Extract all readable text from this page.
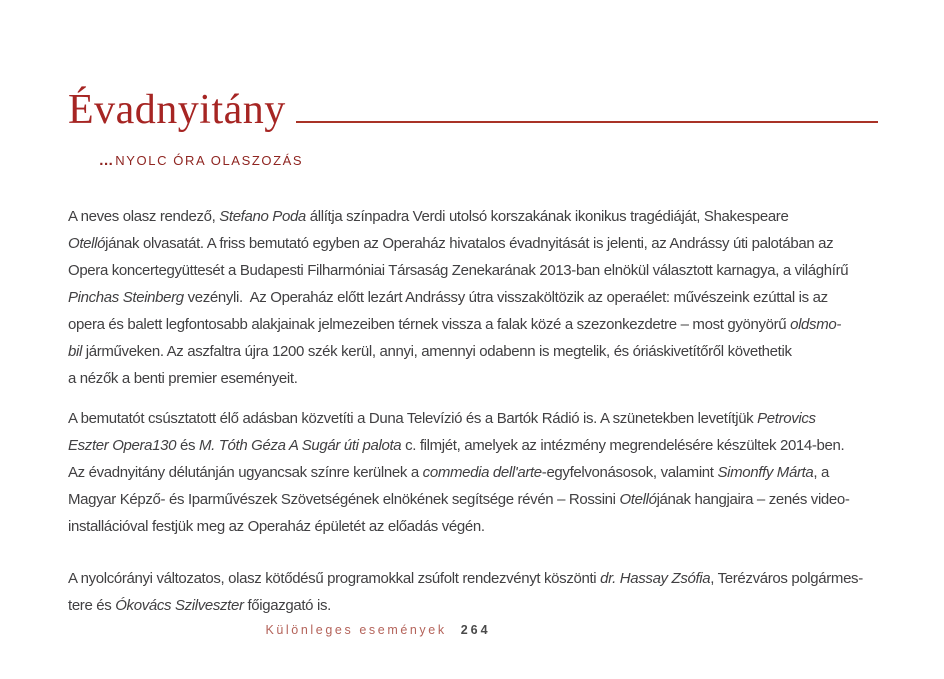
Évadnyitány

... NYOLC ÓRA OLASZOZÁS

A neves olasz rendező, Stefano Poda állítja színpadra Verdi utolsó korszakának ikonikus tragédiáját, Shakespeare
Otellójának olvasatát. A friss bemutató egyben az Operaház hivatalos évadnyitását is jelenti, az Andrássy úti palotában az
Opera koncertegyüttesét a Budapesti Filharmóniai Társaság Zenekarának 2013-ban elnökül választott karnagya, a világhírű
Pinchas Steinberg vezényli.  Az Operaház előtt lezárt Andrássy útra visszaköltözik az operaélet: művészeink ezúttal is az
opera és balett legfontosabb alakjainak jelmezeiben térnek vissza a falak közé a szezonkezdetre – most gyönyörű oldsmo-
bil járműveken. Az aszfaltra újra 1200 szék kerül, annyi, amennyi odabenn is megtelik, és óriáskivetítőről követhetik
a nézők a benti premier eseményeit.
A bemutatót csúsztatott élő adásban közvetíti a Duna Televízió és a Bartók Rádió is. A szünetekben levetítjük Petrovics
Eszter Opera130 és M. Tóth Géza A Sugár úti palota c. filmjét, amelyek az intézmény megrendelésére készültek 2014-ben.
Az évadnyitány délutánján ugyancsak színre kerülnek a commedia dell'arte-egyfelvonásosok, valamint Simonffy Márta, a
Magyar Képző- és Iparművészek Szövetségének elnökének segítsége révén – Rossini Otellójának hangjaira – zenés video-
installációval festjük meg az Operaház épületét az előadás végén.
A nyolcórányi változatos, olasz kötődésű programokkal zsúfolt rendezvényt köszönti dr. Hassay Zsófia, Terézváros polgármes-
tere és Ókovács Szilveszter főigazgató is.
Különleges események 264
